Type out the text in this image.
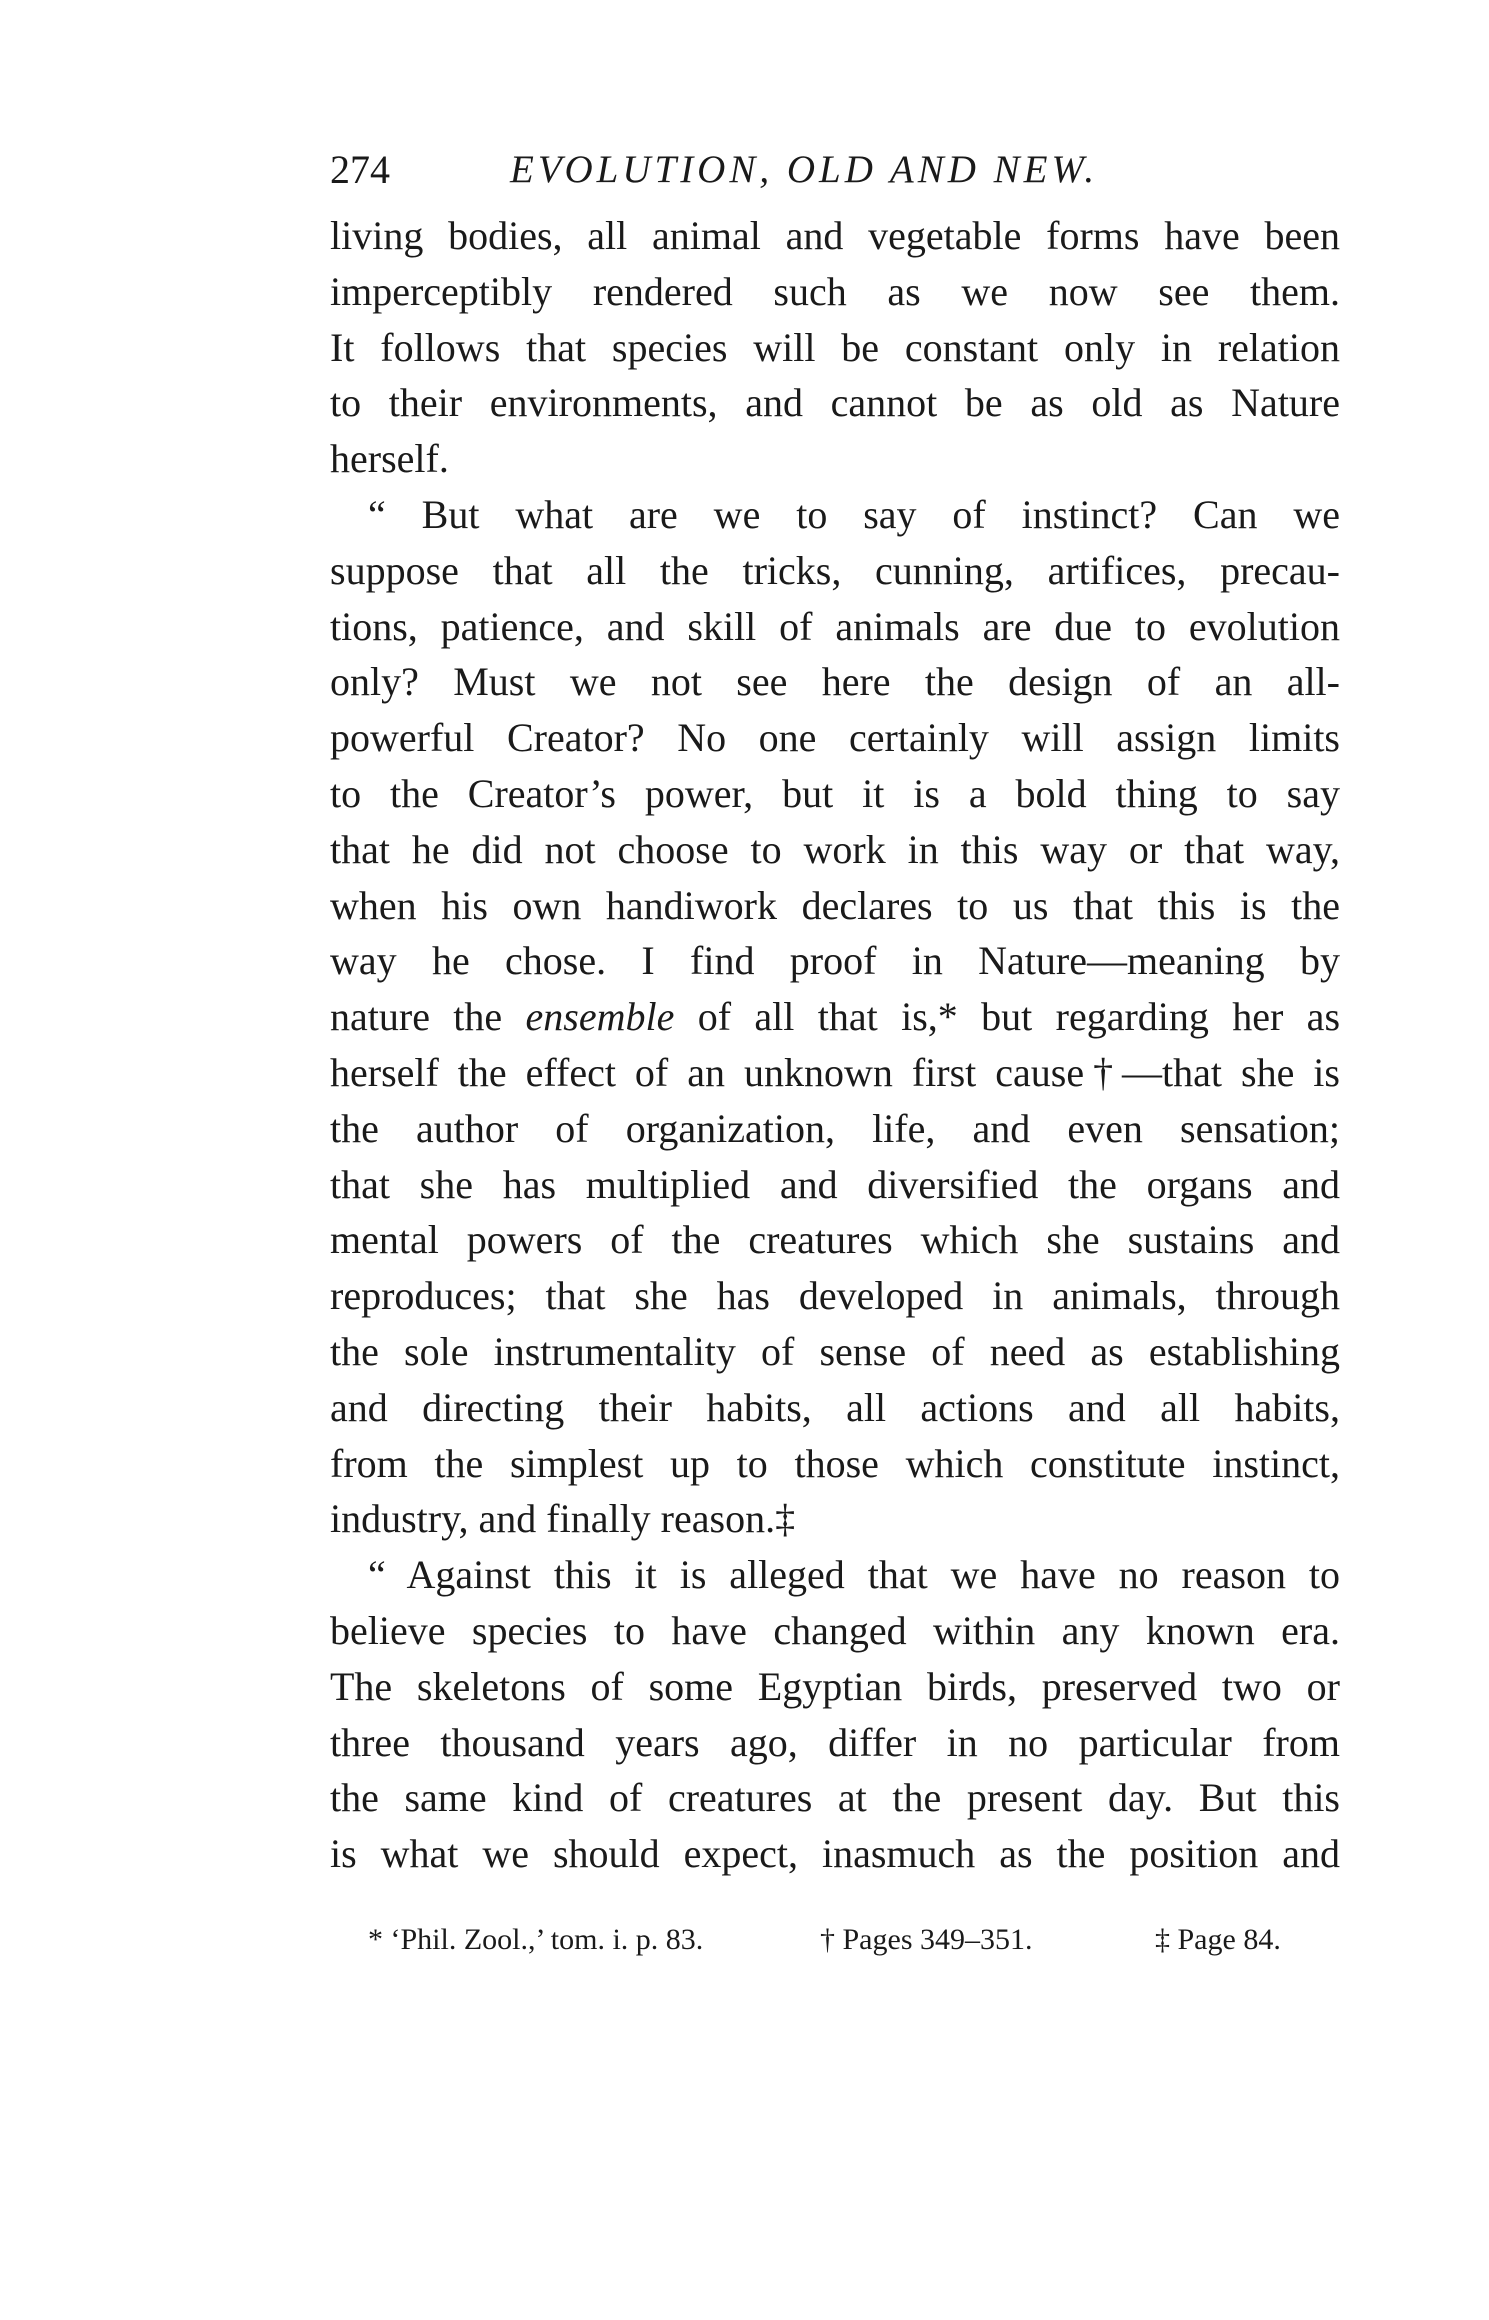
274	EVOLUTION, OLD AND NEW.
living bodies, all animal and vegetable forms have been
imperceptibly rendered such as we now see them.
It follows that species will be constant only in relation
to their environments, and cannot be as old as Nature
herself.
“ But what are we to say of instinct? Can we
suppose that all the tricks, cunning, artifices, precau-
tions, patience, and skill of animals are due to evolution
only? Must we not see here the design of an all-
powerful Creator? No one certainly will assign limits
to the Creator’s power, but it is a bold thing to say
that he did not choose to work in this way or that way,
when his own handiwork declares to us that this is the
way he chose. I find proof in Nature—meaning by
nature the ensemble of all that is,* but regarding her as
herself the effect of an unknown first cause†—that she is
the author of organization, life, and even sensation;
that she has multiplied and diversified the organs and
mental powers of the creatures which she sustains and
reproduces; that she has developed in animals, through
the sole instrumentality of sense of need as establishing
and directing their habits, all actions and all habits,
from the simplest up to those which constitute instinct,
industry, and finally reason.‡
“ Against this it is alleged that we have no reason to
believe species to have changed within any known era.
The skeletons of some Egyptian birds, preserved two or
three thousand years ago, differ in no particular from
the same kind of creatures at the present day. But this
is what we should expect, inasmuch as the position and
* ‘Phil. Zool.,’ tom. i. p. 83.	† Pages 349–351.	‡ Page 84.
